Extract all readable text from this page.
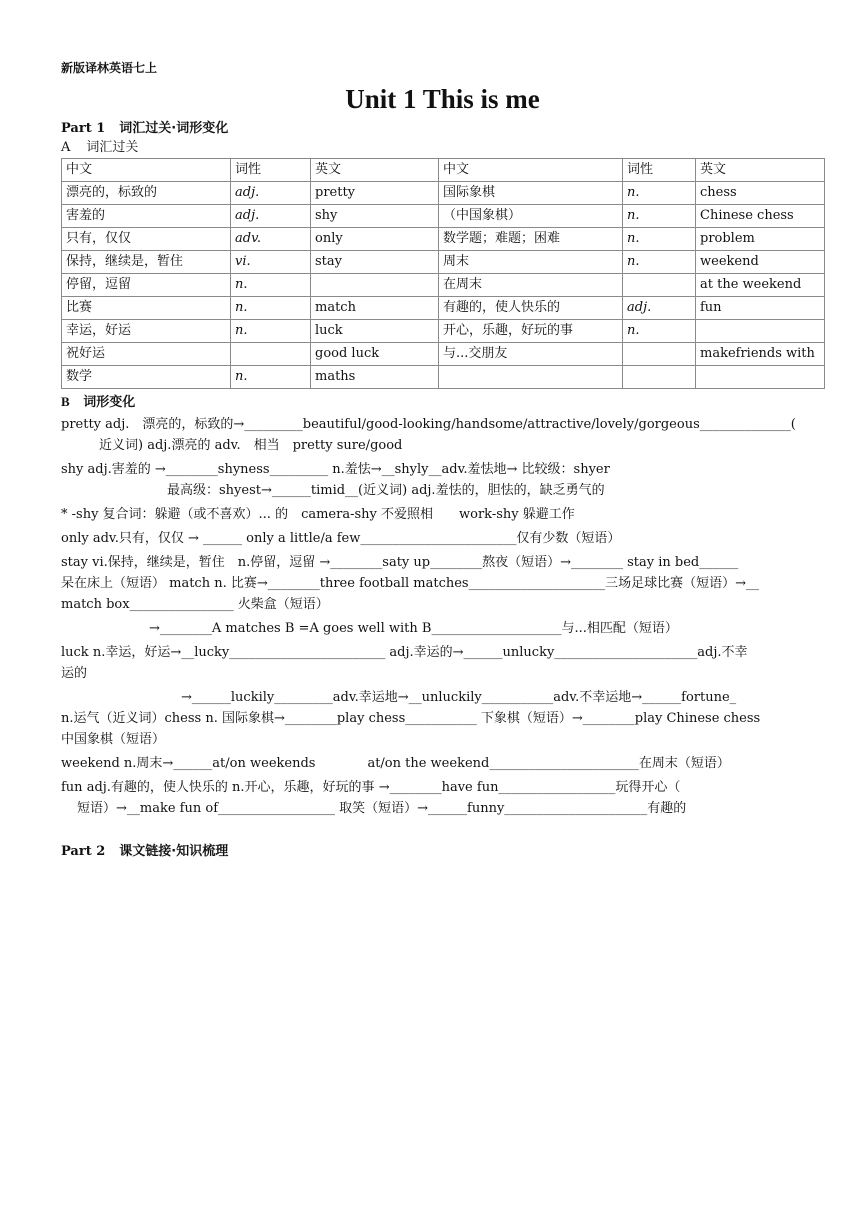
新版译林英语七上

Unit 1 This is me

Part 1 词汇过关·词形变化

A 词汇过关

中文	词性	英文	中文	词性	英文
漂亮的，标致的	adj.	pretty	国际象棋	n.	chess
害羞的	adj.	shy	（中国象棋）	n.	Chinese chess
只有，仅仅	adv.	only	数学题；难题；困难	n.	problem
保持，继续是，暂住	vi.	stay	周末	n.	weekend
停留，逗留	n.		在周末		at the weekend
比赛	n.	match	有趣的，使人快乐的	adj.	fun
幸运，好运	n.	luck	开心，乐趣，好玩的事	n.	
祝好运		good luck	与...交朋友		makefriends with
数学	n.	maths			

B 词形变化

pretty adj.　漂亮的，标致的→_________beautiful/good-looking/handsome/attractive/lovely/gorgeous______________(

近义词) adj.漂亮的 adv.　相当　pretty sure/good

shy adj.害羞的 →________shyness_________ n.羞怯→__shyly__adv.羞怯地→ 比较级：shyer

最高级：shyest→______timid__(近义词) adj.羞怯的，胆怯的，缺乏勇气的

* -shy 复合词：躲避（或不喜欢）... 的　camera-shy 不爱照相　　work-shy 躲避工作

only adv.只有，仅仅 → ______ only a little/a few________________________仅有少数（短语）

stay vi.保持，继续是，暂住　n.停留，逗留 →________saty up________熬夜（短语）→________ stay in bed______

呆在床上（短语） match n. 比赛→________three football matches_____________________三场足球比赛（短语）→__

match box________________ 火柴盒（短语）

→________A matches B =A goes well with B____________________与...相匹配（短语）

luck n.幸运，好运→__lucky________________________ adj.幸运的→______unlucky______________________adj.不幸

运的

→______luckily_________adv.幸运地→__unluckily___________adv.不幸运地→______fortune_

n.运气（近义词）chess n. 国际象棋→________play chess___________ 下象棋（短语）→________play Chinese chess

中国象棋（短语）

weekend n.周末→______at/on weekends　　　　at/on the weekend_______________________在周末（短语）

fun adj.有趣的，使人快乐的 n.开心，乐趣，好玩的事 →________have fun__________________玩得开心（

短语）→__make fun of__________________ 取笑（短语）→______funny______________________有趣的

Part 2 课文链接·知识梳理
